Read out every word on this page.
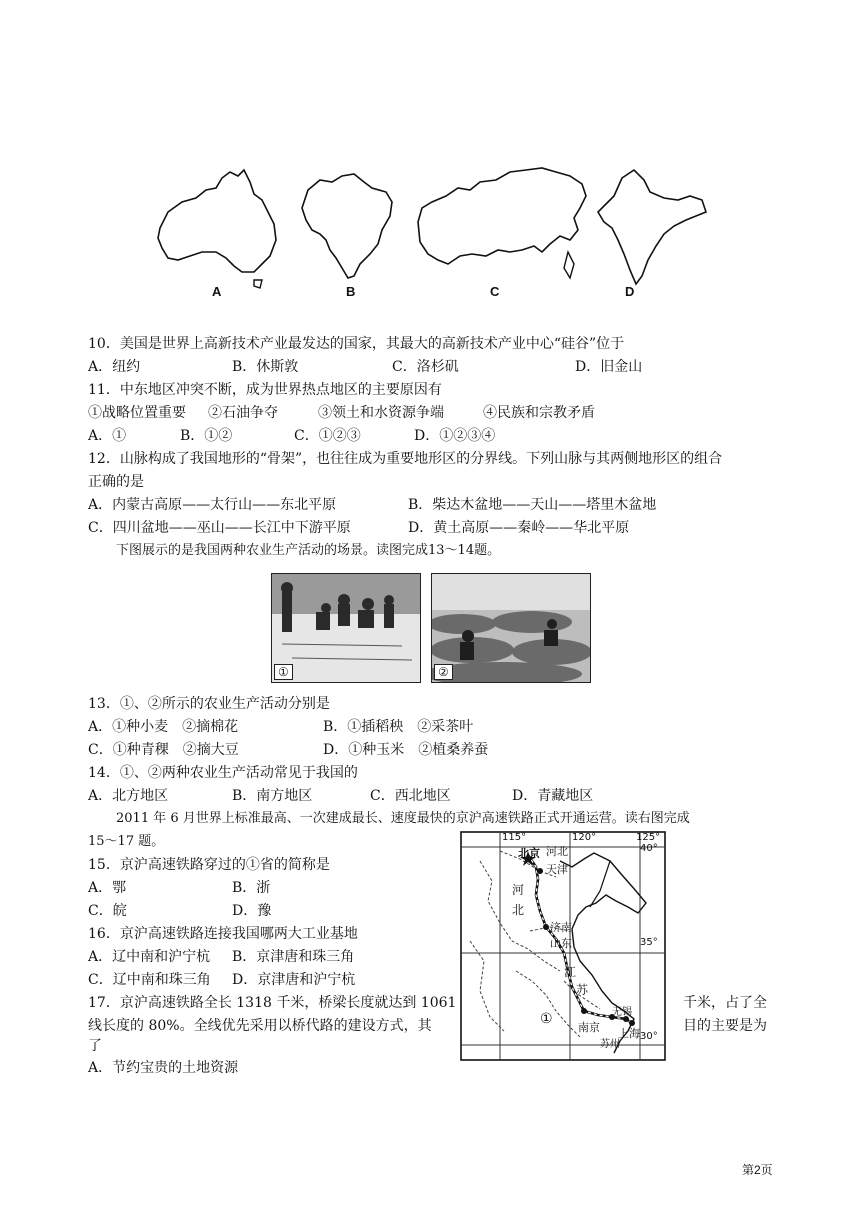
A	B	C	D
10．美国是世界上高新技术产业最发达的国家，其最大的高新技术产业中心“硅谷”位于
A．纽约	B．休斯敦	C．洛杉矶	D．旧金山
11．中东地区冲突不断，成为世界热点地区的主要原因有
①战略位置重要 ②石油争夺	③领土和水资源争端	④民族和宗教矛盾
A．①	B．①②	C．①②③	D．①②③④
12．山脉构成了我国地形的“骨架”，也往往成为重要地形区的分界线。下列山脉与其两侧地形区的组合
正确的是
A．内蒙古高原——太行山——东北平原	B．柴达木盆地——天山——塔里木盆地
C．四川盆地——巫山——长江中下游平原	D．黄土高原——秦岭——华北平原
下图展示的是我国两种农业生产活动的场景。读图完成13～14题。
①	②
13．①、②所示的农业生产活动分别是
A．①种小麦　②摘棉花	B．①插稻秧　②采茶叶
C．①种青稞　②摘大豆	D．①种玉米　②植桑养蚕
14．①、②两种农业生产活动常见于我国的
A．北方地区	B．南方地区	C．西北地区	D．青藏地区
2011 年 6 月世界上标准最高、一次建成最长、速度最快的京沪高速铁路正式开通运营。读右图完成
15～17 题。	115°	120°	125°
40°
35°
30°
北京 河北
天津
河
北
济南
山东
江
苏
①
南京 上海
苏州
无锡
15．京沪高速铁路穿过的①省的简称是
A．鄂	B．浙
C．皖	D．豫
16．京沪高速铁路连接我国哪两大工业基地
A．辽中南和沪宁杭 B．京津唐和珠三角
C．辽中南和珠三角 D．京津唐和沪宁杭
17．京沪高速铁路全长 1318 千米，桥梁长度就达到 1061	千米，占了全
线长度的 80%。全线优先采用以桥代路的建设方式，其	目的主要是为
了
A．节约宝贵的土地资源
第2页
